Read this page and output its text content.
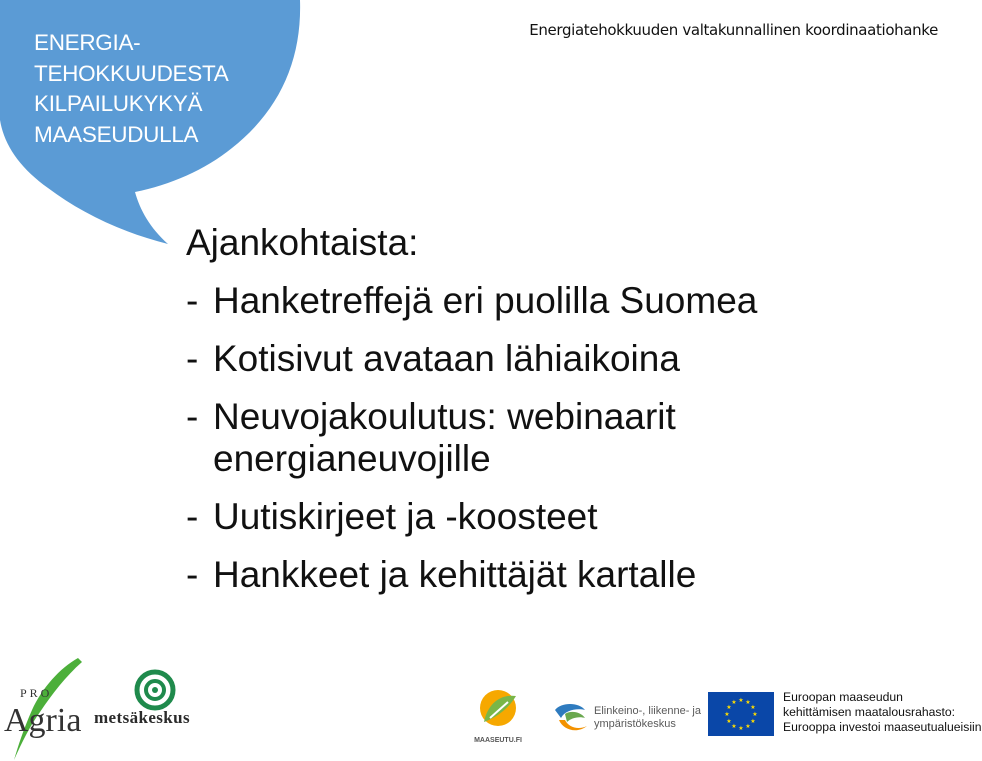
ENERGIA-
TEHOKKUUDESTA
KILPAILUKYKYÄ
MAASEUDULLA
Energiatehokkuuden valtakunnallinen koordinaatiohanke
Ajankohtaista:
- Hanketreffejä eri puolilla Suomea
- Kotisivut avataan lähiaikoina
- Neuvojakoulutus: webinaarit energianeuvojille
- Uutiskirjeet ja -koosteet
- Hankkeet ja kehittäjät kartalle
PRO
Agria metsäkeskus
MAASEUTU.FI
Elinkeino-, liikenne- ja
ympäristökeskus
★ ★
★
★
★
★
★
★
★
★
★
★	Euroopan maaseudun
kehittämisen maatalousrahasto:
Eurooppa investoi maaseutualueisiin
